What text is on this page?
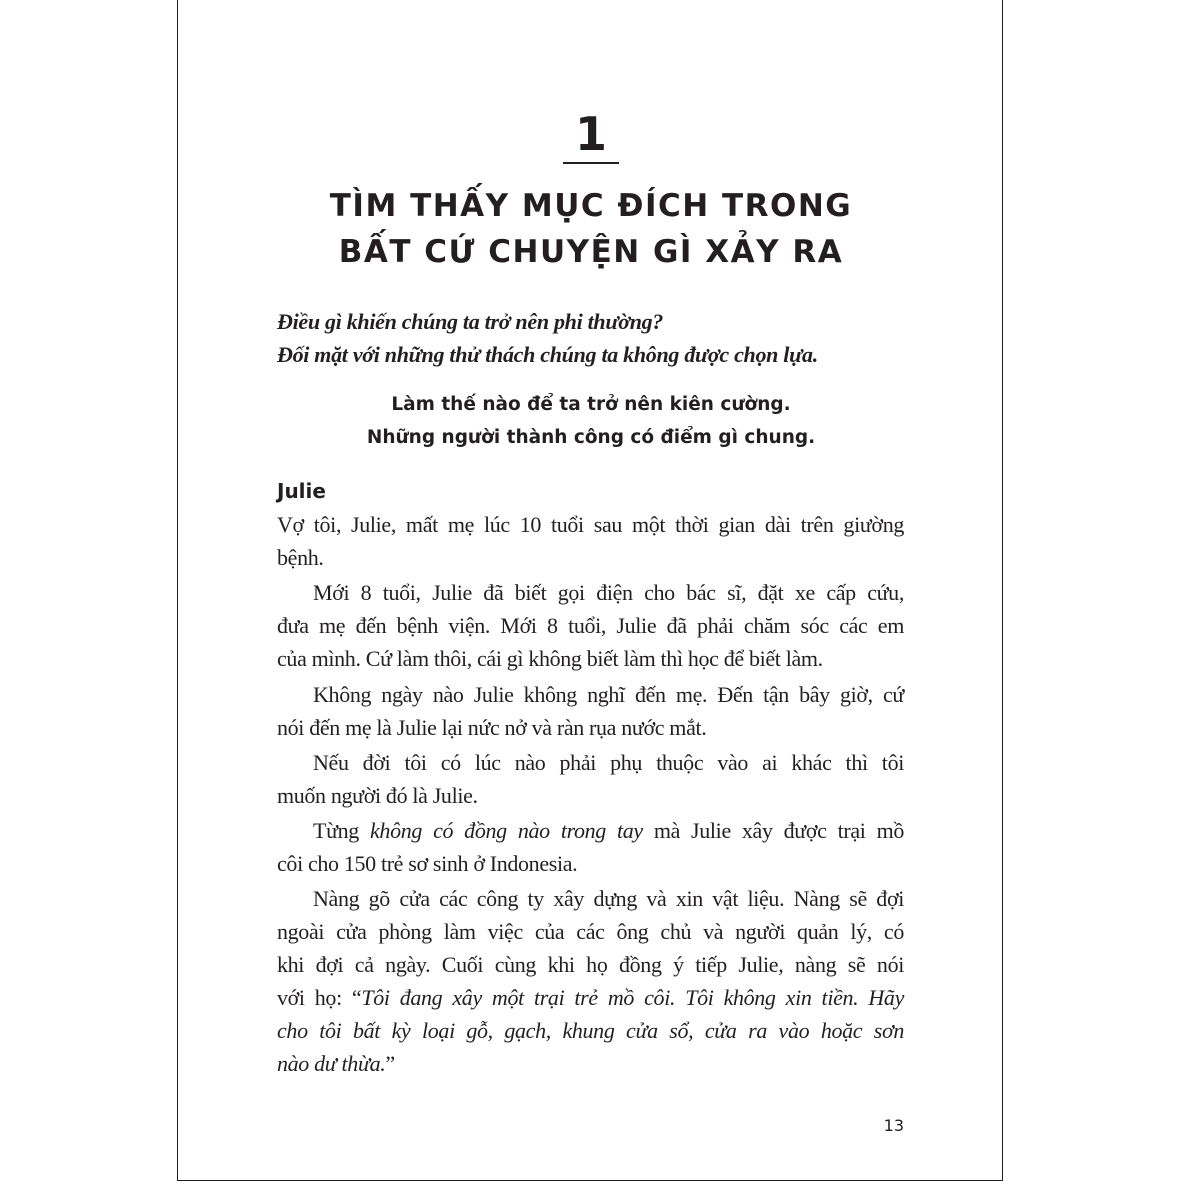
1
TÌM THẤY MỤC ĐÍCH TRONG
BẤT CỨ CHUYỆN GÌ XẢY RA
Điều gì khiến chúng ta trở nên phi thường?
Đối mặt với những thử thách chúng ta không được chọn lựa.
Làm thế nào để ta trở nên kiên cường.
Những người thành công có điểm gì chung.
Julie
Vợ tôi, Julie, mất mẹ lúc 10 tuổi sau một thời gian dài trên giường
bệnh.
Mới 8 tuổi, Julie đã biết gọi điện cho bác sĩ, đặt xe cấp cứu,
đưa mẹ đến bệnh viện. Mới 8 tuổi, Julie đã phải chăm sóc các em
của mình. Cứ làm thôi, cái gì không biết làm thì học để biết làm.
Không ngày nào Julie không nghĩ đến mẹ. Đến tận bây giờ, cứ
nói đến mẹ là Julie lại nức nở và ràn rụa nước mắt.
Nếu đời tôi có lúc nào phải phụ thuộc vào ai khác thì tôi
muốn người đó là Julie.
Từng không có đồng nào trong tay mà Julie xây được trại mồ
côi cho 150 trẻ sơ sinh ở Indonesia.
Nàng gõ cửa các công ty xây dựng và xin vật liệu. Nàng sẽ đợi
ngoài cửa phòng làm việc của các ông chủ và người quản lý, có
khi đợi cả ngày. Cuối cùng khi họ đồng ý tiếp Julie, nàng sẽ nói
với họ: “Tôi đang xây một trại trẻ mồ côi. Tôi không xin tiền. Hãy
cho tôi bất kỳ loại gỗ, gạch, khung cửa sổ, cửa ra vào hoặc sơn
nào dư thừa.”
13
